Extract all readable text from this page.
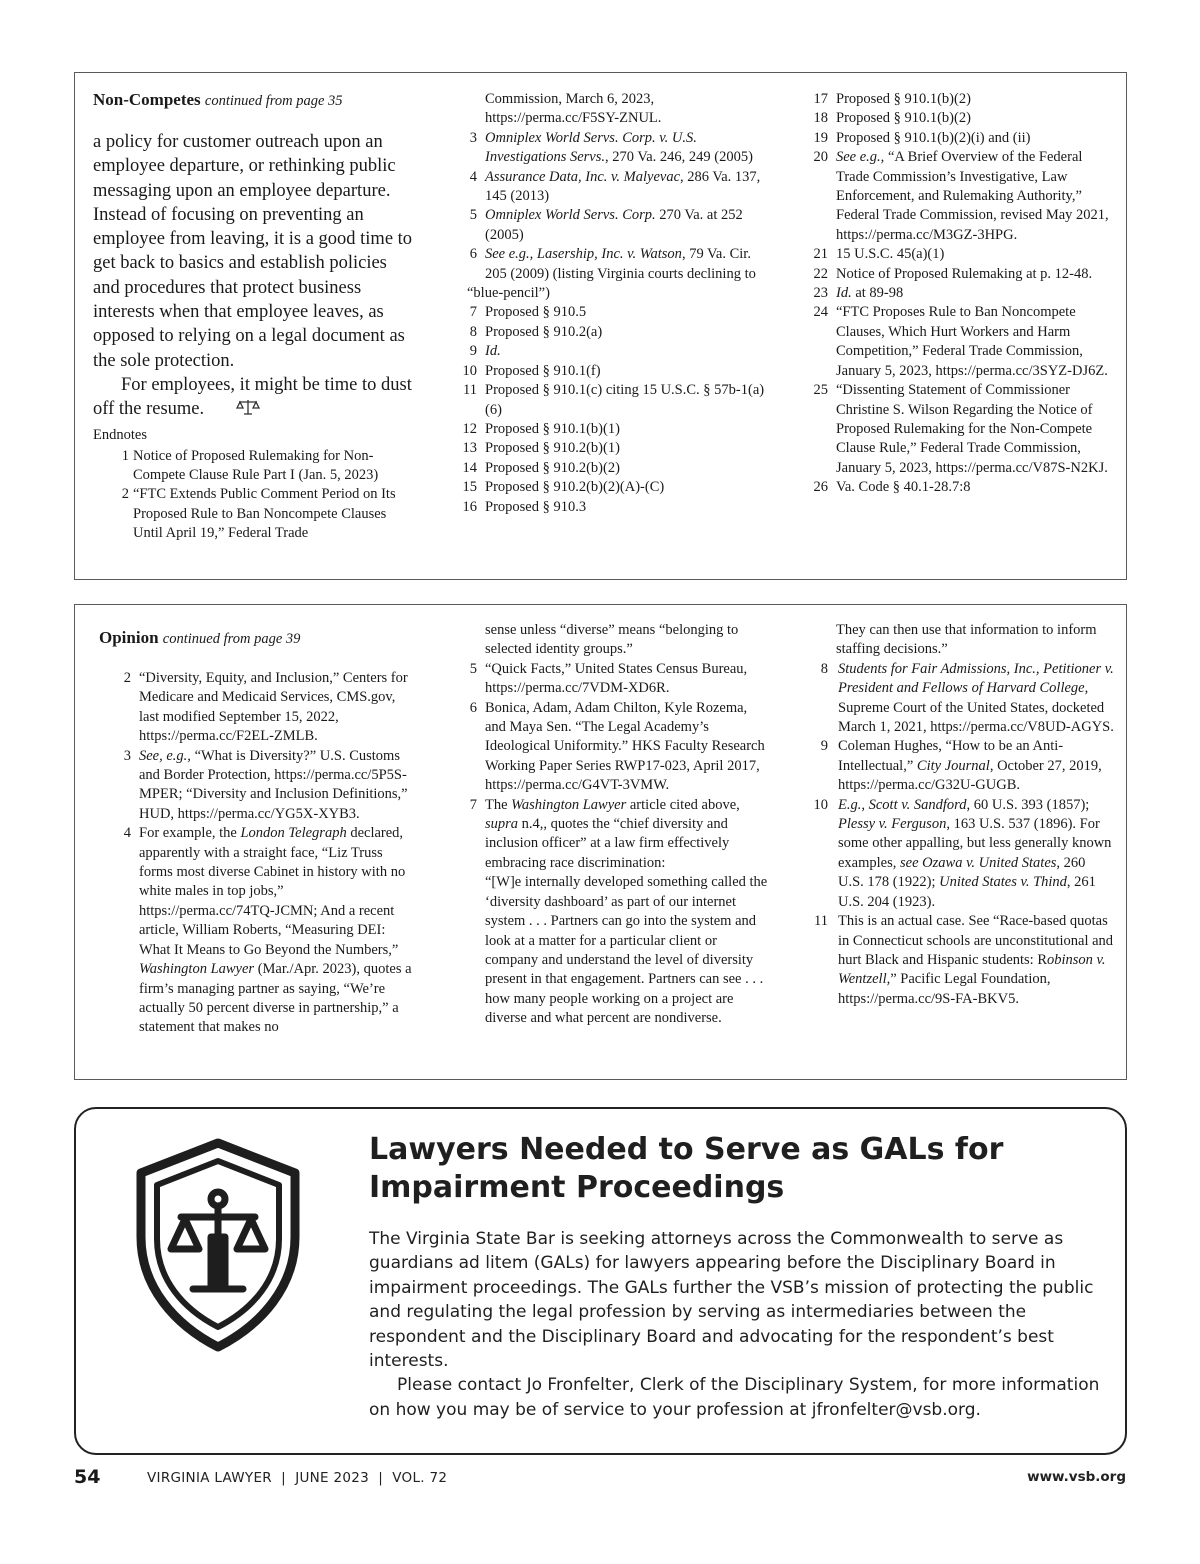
Non-Competes continued from page 35

a policy for customer outreach upon an employee departure, or rethinking public messaging upon an employee departure. Instead of focusing on preventing an employee from leaving, it is a good time to get back to basics and establish policies and procedures that protect business interests when that employee leaves, as opposed to relying on a legal document as the sole protection.

For employees, it might be time to dust off the resume.

Endnotes

1 Notice of Proposed Rulemaking for Non-Compete Clause Rule Part I (Jan. 5, 2023)
2 “FTC Extends Public Comment Period on Its Proposed Rule to Ban Noncompete Clauses Until April 19,” Federal Trade
Commission, March 6, 2023, https://perma.cc/F5SY-ZNUL.
3 Omniplex World Servs. Corp. v. U.S. Investigations Servs., 270 Va. 246, 249 (2005)
4 Assurance Data, Inc. v. Malyevac, 286 Va. 137, 145 (2013)
5 Omniplex World Servs. Corp. 270 Va. at 252 (2005)
6 See e.g., Lasership, Inc. v. Watson, 79 Va. Cir. 205 (2009) (listing Virginia courts declining to
“blue-pencil”)
7 Proposed § 910.5
8 Proposed § 910.2(a)
9 Id.
10 Proposed § 910.1(f)
11 Proposed § 910.1(c) citing 15 U.S.C. § 57b-1(a)(6)
12 Proposed § 910.1(b)(1)
13 Proposed § 910.2(b)(1)
14 Proposed § 910.2(b)(2)
15 Proposed § 910.2(b)(2)(A)-(C)
16 Proposed § 910.3
17 Proposed § 910.1(b)(2)
18 Proposed § 910.1(b)(2)
19 Proposed § 910.1(b)(2)(i) and (ii)
20 See e.g., “A Brief Overview of the Federal Trade Commission’s Investigative, Law Enforcement, and Rulemaking Authority,” Federal Trade Commission, revised May 2021, https://perma.cc/M3GZ-3HPG.
21 15 U.S.C. 45(a)(1)
22 Notice of Proposed Rulemaking at p. 12-48.
23 Id. at 89-98
24 “FTC Proposes Rule to Ban Noncompete Clauses, Which Hurt Workers and Harm Competition,” Federal Trade Commission, January 5, 2023, https://perma.cc/3SYZ-DJ6Z.
25 “Dissenting Statement of Commissioner Christine S. Wilson Regarding the Notice of Proposed Rulemaking for the Non-Compete Clause Rule,” Federal Trade Commission, January 5, 2023, https://perma.cc/V87S-N2KJ.
26 Va. Code § 40.1-28.7:8

Opinion continued from page 39

2 “Diversity, Equity, and Inclusion,” Centers for Medicare and Medicaid Services, CMS.gov, last modified September 15, 2022, https://perma.cc/F2EL-ZMLB.
3 See, e.g., “What is Diversity?” U.S. Customs and Border Protection, https://perma.cc/5P5S-MPER; “Diversity and Inclusion Definitions,” HUD, https://perma.cc/YG5X-XYB3.
4 For example, the London Telegraph declared, apparently with a straight face, “Liz Truss forms most diverse Cabinet in history with no white males in top jobs,” https://perma.cc/74TQ-JCMN; And a recent article, William Roberts, “Measuring DEI: What It Means to Go Beyond the Numbers,” Washington Lawyer (Mar./Apr. 2023), quotes a firm’s managing partner as saying, “We’re actually 50 percent diverse in partnership,” a statement that makes no
sense unless “diverse” means “belonging to selected identity groups.”
5 “Quick Facts,” United States Census Bureau, https://perma.cc/7VDM-XD6R.
6 Bonica, Adam, Adam Chilton, Kyle Rozema, and Maya Sen. “The Legal Academy’s Ideological Uniformity.” HKS Faculty Research Working Paper Series RWP17-023, April 2017, https://perma.cc/G4VT-3VMW.
7 The Washington Lawyer article cited above, supra n.4,, quotes the “chief diversity and inclusion officer” at a law firm effectively embracing race discrimination:
“[W]e internally developed something called the ‘diversity dashboard’ as part of our internet system . . . Partners can go into the system and look at a matter for a particular client or company and understand the level of diversity present in that engagement. Partners can see . . . how many people working on a project are diverse and what percent are nondiverse.
They can then use that information to inform staffing decisions.”
8 Students for Fair Admissions, Inc., Petitioner v. President and Fellows of Harvard College, Supreme Court of the United States, docketed March 1, 2021, https://perma.cc/V8UD-AGYS.
9 Coleman Hughes, “How to be an Anti-Intellectual,” City Journal, October 27, 2019, https://perma.cc/G32U-GUGB.
10 E.g., Scott v. Sandford, 60 U.S. 393 (1857); Plessy v. Ferguson, 163 U.S. 537 (1896). For some other appalling, but less generally known examples, see Ozawa v. United States, 260 U.S. 178 (1922); United States v. Thind, 261 U.S. 204 (1923).
11 This is an actual case. See “Race-based quotas in Connecticut schools are unconstitutional and hurt Black and Hispanic students: Robinson v. Wentzell,” Pacific Legal Foundation, https://perma.cc/9S-FA-BKV5.
Lawyers Needed to Serve as GALs for Impairment Proceedings

The Virginia State Bar is seeking attorneys across the Commonwealth to serve as guardians ad litem (GALs) for lawyers appearing before the Disciplinary Board in impairment proceedings. The GALs further the VSB’s mission of protecting the public and regulating the legal profession by serving as intermediaries between the respondent and the Disciplinary Board and advocating for the respondent’s best interests.

Please contact Jo Fronfelter, Clerk of the Disciplinary System, for more information on how you may be of service to your profession at jfronfelter@vsb.org.

54	VIRGINIA LAWYER  |  JUNE 2023  |  VOL. 72	www.vsb.org
